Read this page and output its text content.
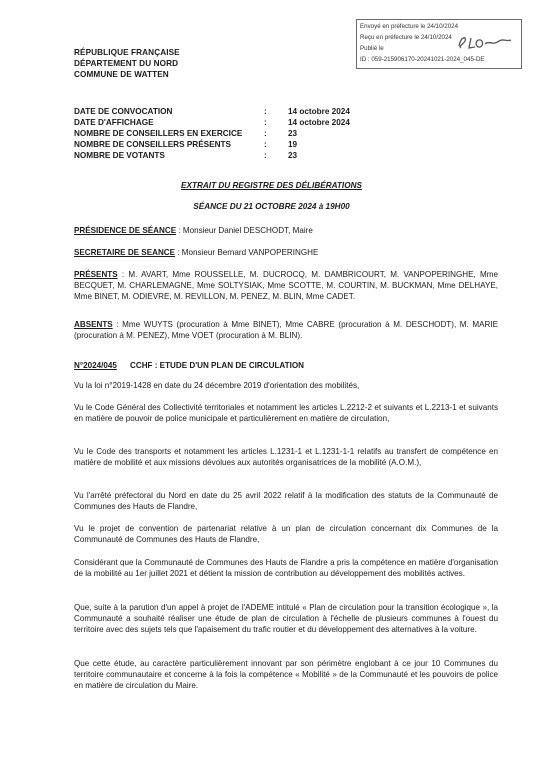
Envoyé en préfecture le 24/10/2024
Reçu en préfecture le 24/10/2024
Publié le
ID : 059-215906170-20241021-2024_045-DE
RÉPUBLIQUE FRANÇAISE
DÉPARTEMENT DU NORD
COMMUNE DE WATTEN
DATE DE CONVOCATION	:	14 octobre 2024
DATE D'AFFICHAGE	:	14 octobre 2024
NOMBRE DE CONSEILLERS EN EXERCICE	:	23
NOMBRE DE CONSEILLERS PRÉSENTS	:	19
NOMBRE DE VOTANTS	:	23
EXTRAIT DU REGISTRE DES DÉLIBÉRATIONS
SÉANCE DU 21 OCTOBRE 2024 à 19H00
PRÉSIDENCE DE SÉANCE : Monsieur Daniel DESCHODT, Maire
SECRETAIRE DE SEANCE : Monsieur Bernard VANPOPERINGHE
PRÉSENTS : M. AVART, Mme ROUSSELLE, M. DUCROCQ, M. DAMBRICOURT, M. VANPOPERINGHE, Mme BECQUET, M. CHARLEMAGNE, Mme SOLTYSIAK, Mme SCOTTE, M. COURTIN, M. BUCKMAN, Mme DELHAYE, Mme BINET, M. ODIEVRE, M. REVILLON, M. PENEZ, M. BLIN, Mme CADET.
ABSENTS : Mme WUYTS (procuration à Mme BINET), Mme CABRE (procuration à M. DESCHODT), M. MARIE (procuration à M. PENEZ), Mme VOET (procuration à M. BLIN).
N°2024/045 CCHF : ETUDE D'UN PLAN DE CIRCULATION
Vu la loi n°2019-1428 en date du 24 décembre 2019 d'orientation des mobilités,
Vu le Code Général des Collectivité territoriales et notamment les articles L.2212-2 et suivants et L.2213-1 et suivants en matière de pouvoir de police municipale et particulièrement en matière de circulation,
Vu le Code des transports et notamment les articles L.1231-1 et L.1231-1-1 relatifs au transfert de compétence en matière de mobilité et aux missions dévolues aux autorités organisatrices de la mobilité (A.O.M.),
Vu l'arrêté préfectoral du Nord en date du 25 avril 2022 relatif à la modification des statuts de la Communauté de Communes des Hauts de Flandre,
Vu le projet de convention de partenariat relative à un plan de circulation concernant dix Communes de la Communauté de Communes des Hauts de Flandre,
Considérant que la Communauté de Communes des Hauts de Flandre a pris la compétence en matière d'organisation de la mobilité au 1er juillet 2021 et détient la mission de contribution au développement des mobilités actives.
Que, suite à la parution d'un appel à projet de l'ADEME intitulé « Plan de circulation pour la transition écologique », la Communauté a souhaité réaliser une étude de plan de circulation à l'échelle de plusieurs communes à l'ouest du territoire avec des sujets tels que l'apaisement du trafic routier et du développement des alternatives à la voiture.
Que cette étude, au caractère particulièrement innovant par son périmètre englobant à ce jour 10 Communes du territoire communautaire et concerne à la fois la compétence « Mobilité » de la Communauté et les pouvoirs de police en matière de circulation du Maire.
